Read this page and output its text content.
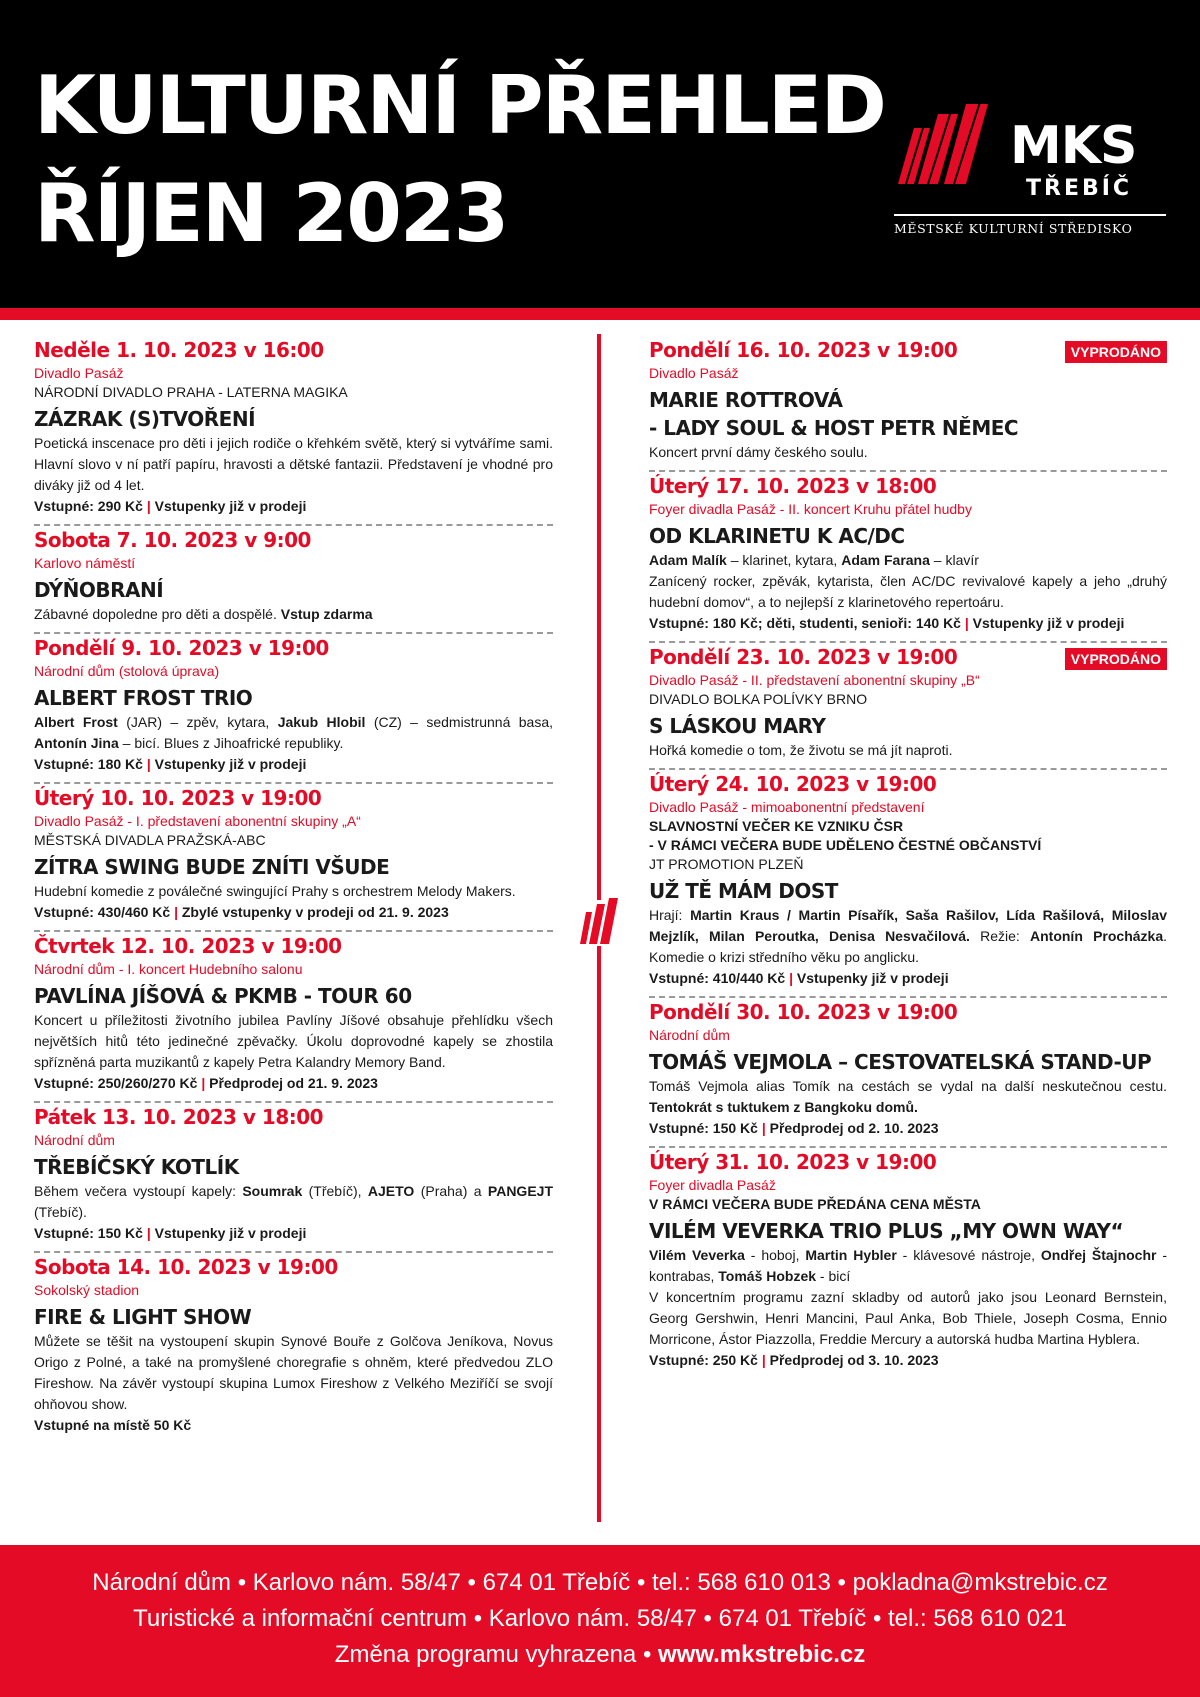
KULTURNÍ PŘEHLED
ŘÍJEN 2023
MKS
TŘEBÍČ
MĚSTSKÉ KULTURNÍ STŘEDISKO
Neděle 1. 10. 2023 v 16:00
Divadlo Pasáž
NÁRODNÍ DIVADLO PRAHA - LATERNA MAGIKA
ZÁZRAK (S)TVOŘENÍ
Poetická inscenace pro děti i jejich rodiče o křehkém světě, který si vytváříme sami. Hlavní slovo v ní patří papíru, hravosti a dětské fantazii. Představení je vhodné pro diváky již od 4 let.
Vstupné: 290 Kč | Vstupenky již v prodeji
Sobota 7. 10. 2023 v 9:00
Karlovo náměstí
DÝŇOBRANÍ
Zábavné dopoledne pro děti a dospělé. Vstup zdarma
Pondělí 9. 10. 2023 v 19:00
Národní dům (stolová úprava)
ALBERT FROST TRIO
Albert Frost (JAR) – zpěv, kytara, Jakub Hlobil (CZ) – sedmistrunná basa, Antonín Jina – bicí. Blues z Jihoafrické republiky.
Vstupné: 180 Kč | Vstupenky již v prodeji
Úterý 10. 10. 2023 v 19:00
Divadlo Pasáž - I. představení abonentní skupiny „A“
MĚSTSKÁ DIVADLA PRAŽSKÁ-ABC
ZÍTRA SWING BUDE ZNÍTI VŠUDE
Hudební komedie z poválečné swingující Prahy s orchestrem Melody Makers.
Vstupné: 430/460 Kč | Zbylé vstupenky v prodeji od 21. 9. 2023
Čtvrtek 12. 10. 2023 v 19:00
Národní dům - I. koncert Hudebního salonu
PAVLÍNA JÍŠOVÁ & PKMB - TOUR 60
Koncert u příležitosti životního jubilea Pavlíny Jíšové obsahuje přehlídku všech největších hitů této jedinečné zpěvačky. Úkolu doprovodné kapely se zhostila spřízněná parta muzikantů z kapely Petra Kalandry Memory Band.
Vstupné: 250/260/270 Kč | Předprodej od 21. 9. 2023
Pátek 13. 10. 2023 v 18:00
Národní dům
TŘEBÍČSKÝ KOTLÍK
Během večera vystoupí kapely: Soumrak (Třebíč), AJETO (Praha) a PANGEJT (Třebíč).
Vstupné: 150 Kč | Vstupenky již v prodeji
Sobota 14. 10. 2023 v 19:00
Sokolský stadion
FIRE & LIGHT SHOW
Můžete se těšit na vystoupení skupin Synové Bouře z Golčova Jeníkova, Novus Origo z Polné, a také na promyšlené choregrafie s ohněm, které předvedou ZLO Fireshow. Na závěr vystoupí skupina Lumox Fireshow z Velkého Meziříčí se svojí ohňovou show.
Vstupné na místě 50 Kč
Pondělí 16. 10. 2023 v 19:00	VYPRODÁNO
Divadlo Pasáž
MARIE ROTTROVÁ
- LADY SOUL & HOST PETR NĚMEC
Koncert první dámy českého soulu.
Úterý 17. 10. 2023 v 18:00
Foyer divadla Pasáž - II. koncert Kruhu přátel hudby
OD KLARINETU K AC/DC
Adam Malík – klarinet, kytara, Adam Farana – klavír
Zanícený rocker, zpěvák, kytarista, člen AC/DC revivalové kapely a jeho „druhý hudební domov“, a to nejlepší z klarinetového repertoáru.
Vstupné: 180 Kč; děti, studenti, senioři: 140 Kč | Vstupenky již v prodeji
Pondělí 23. 10. 2023 v 19:00	VYPRODÁNO
Divadlo Pasáž - II. představení abonentní skupiny „B“
DIVADLO BOLKA POLÍVKY BRNO
S LÁSKOU MARY
Hořká komedie o tom, že životu se má jít naproti.
Úterý 24. 10. 2023 v 19:00
Divadlo Pasáž - mimoabonentní představení
SLAVNOSTNÍ VEČER KE VZNIKU ČSR
- V RÁMCI VEČERA BUDE UDĚLENO ČESTNÉ OBČANSTVÍ
JT PROMOTION PLZEŇ
UŽ TĚ MÁM DOST
Hrají: Martin Kraus / Martin Písařík, Saša Rašilov, Lída Rašilová, Miloslav Mejzlík, Milan Peroutka, Denisa Nesvačilová. Režie: Antonín Procházka. Komedie o krizi středního věku po anglicku.
Vstupné: 410/440 Kč | Vstupenky již v prodeji
Pondělí 30. 10. 2023 v 19:00
Národní dům
TOMÁŠ VEJMOLA – CESTOVATELSKÁ STAND-UP
Tomáš Vejmola alias Tomík na cestách se vydal na další neskutečnou cestu. Tentokrát s tuktukem z Bangkoku domů.
Vstupné: 150 Kč | Předprodej od 2. 10. 2023
Úterý 31. 10. 2023 v 19:00
Foyer divadla Pasáž
V RÁMCI VEČERA BUDE PŘEDÁNA CENA MĚSTA
VILÉM VEVERKA TRIO PLUS „MY OWN WAY“
Vilém Veverka - hoboj, Martin Hybler - klávesové nástroje, Ondřej Štajnochr - kontrabas, Tomáš Hobzek - bicí
V koncertním programu zazní skladby od autorů jako jsou Leonard Bernstein, Georg Gershwin, Henri Mancini, Paul Anka, Bob Thiele, Joseph Cosma, Ennio Morricone, Ástor Piazzolla, Freddie Mercury a autorská hudba Martina Hyblera.
Vstupné: 250 Kč | Předprodej od 3. 10. 2023
Národní dům • Karlovo nám. 58/47 • 674 01 Třebíč • tel.: 568 610 013 • pokladna@mkstrebic.cz
Turistické a informační centrum • Karlovo nám. 58/47 • 674 01 Třebíč • tel.: 568 610 021
Změna programu vyhrazena • www.mkstrebic.cz
